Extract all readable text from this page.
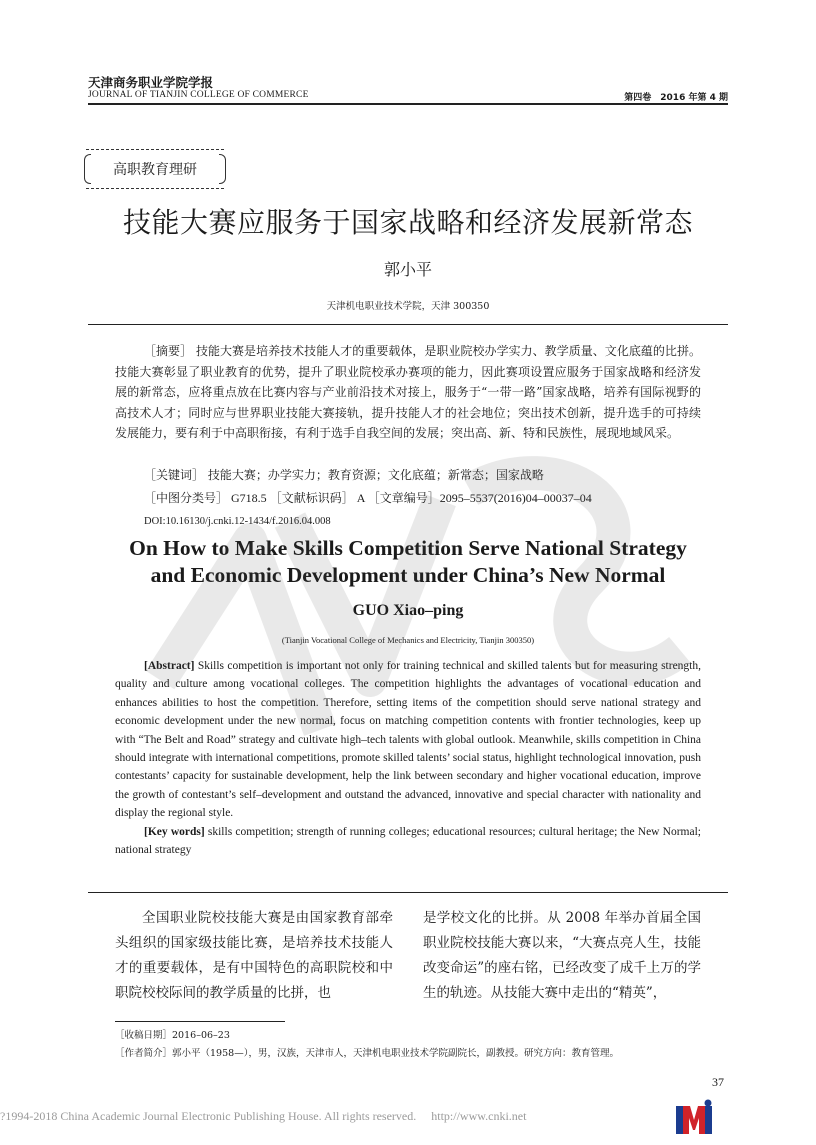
天津商务职业学院学报
JOURNAL OF TIANJIN COLLEGE OF COMMERCE	第四卷　2016 年第 4 期
高职教育理研
技能大赛应服务于国家战略和经济发展新常态
郭小平
天津机电职业技术学院，天津 300350

［摘要］ 技能大赛是培养技术技能人才的重要载体，是职业院校办学实力、教学质量、文化底蕴的比拼。技能大赛彰显了职业教育的优势，提升了职业院校承办赛项的能力，因此赛项设置应服务于国家战略和经济发展的新常态，应将重点放在比赛内容与产业前沿技术对接上，服务于“一带一路”国家战略，培养有国际视野的高技术人才；同时应与世界职业技能大赛接轨，提升技能人才的社会地位；突出技术创新，提升选手的可持续发展能力，要有利于中高职衔接，有利于选手自我空间的发展；突出高、新、特和民族性，展现地域风采。

［关键词］ 技能大赛；办学实力；教育资源；文化底蕴；新常态；国家战略
［中图分类号］ G718.5 ［文献标识码］ A ［文章编号］2095–5537(2016)04–00037–04
DOI:10.16130/j.cnki.12-1434/f.2016.04.008
On How to Make Skills Competition Serve National Strategy
and Economic Development under China’s New Normal
GUO Xiao–ping
(Tianjin Vocational College of Mechanics and Electricity, Tianjin 300350)

[Abstract] Skills competition is important not only for training technical and skilled talents but for measuring strength, quality and culture among vocational colleges. The competition highlights the advantages of vocational education and enhances abilities to host the competition. Therefore, setting items of the competition should serve national strategy and economic development under the new normal, focus on matching competition contents with frontier technologies, keep up with “The Belt and Road” strategy and cultivate high–tech talents with global outlook. Meanwhile, skills competition in China should integrate with international competitions, promote skilled talents’ social status, highlight technological innovation, push contestants’ capacity for sustainable development, help the link between secondary and higher vocational education, improve the growth of contestant’s self–development and outstand the advanced, innovative and special character with nationality and display the regional style.

[Key words] skills competition; strength of running colleges; educational resources; cultural heritage; the New Normal; national strategy

全国职业院校技能大赛是由国家教育部牵头组织的国家级技能比赛，是培养技术技能人才的重要载体，是有中国特色的高职院校和中职院校校际间的教学质量的比拼，也

是学校文化的比拼。从 2008 年举办首届全国职业院校技能大赛以来，“大赛点亮人生，技能改变命运”的座右铭，已经改变了成千上万的学生的轨迹。从技能大赛中走出的“精英”，

［收稿日期］2016–06–23
［作者简介］郭小平（1958—），男，汉族，天津市人，天津机电职业技术学院副院长，副教授。研究方向：教育管理。
37
?1994-2018 China Academic Journal Electronic Publishing House. All rights reserved.　 http://www.cnki.net
